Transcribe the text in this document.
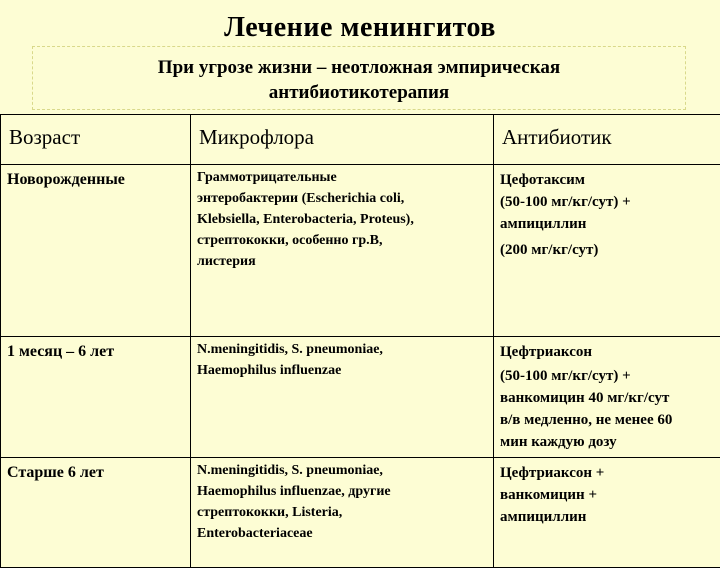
Лечение менингитов
При угрозе жизни – неотложная эмпирическая
антибиотикотерапия
Возраст	Микрофлора	Антибиотик
Новорожденные	Граммотрицательные
энтеробактерии (Escherichia coli,
Klebsiella, Enterobacteria, Proteus),
стрептококки, особенно гр.В,
листерия	Цефотаксим
(50-100 мг/кг/сут) +
ампициллин
(200 мг/кг/сут)

1 месяц – 6 лет	N.meningitidis, S. pneumoniae,
Haemophilus influenzae	Цефтриаксон
(50-100 мг/кг/сут) +
ванкомицин 40 мг/кг/сут
в/в медленно, не менее 60
мин каждую дозу

Старше 6 лет	N.meningitidis, S. pneumoniae,
Haemophilus influenzae, другие
стрептококки, Listeria,
Enterobacteriaceae	Цефтриаксон +
ванкомицин +
ампициллин
